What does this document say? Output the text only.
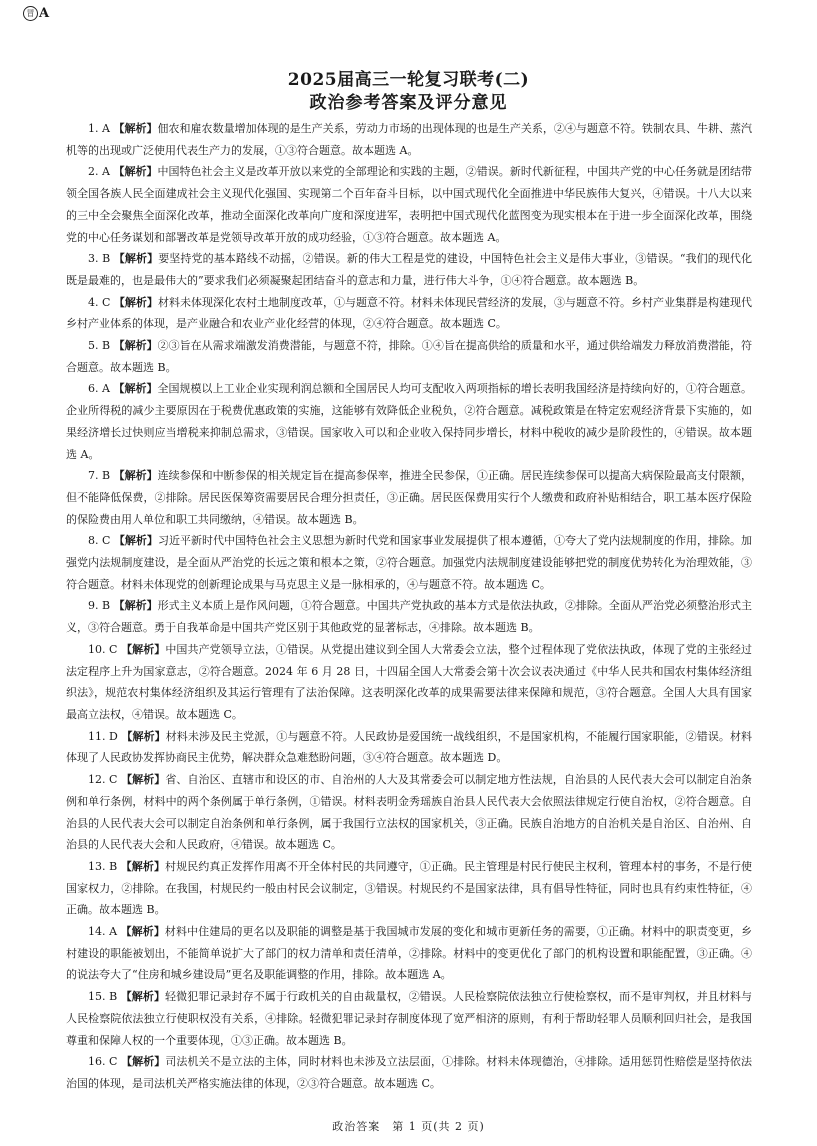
冒 A
2025届高三一轮复习联考(二)
政治参考答案及评分意见

1. A 【解析】佃农和雇农数量增加体现的是生产关系，劳动力市场的出现体现的也是生产关系，②④与题意不符。铁制农具、牛耕、蒸汽机等的出现或广泛使用代表生产力的发展，①③符合题意。故本题选 A。

2. A 【解析】中国特色社会主义是改革开放以来党的全部理论和实践的主题，②错误。新时代新征程，中国共产党的中心任务就是团结带领全国各族人民全面建成社会主义现代化强国、实现第二个百年奋斗目标，以中国式现代化全面推进中华民族伟大复兴，④错误。十八大以来的三中全会聚焦全面深化改革，推动全面深化改革向广度和深度进军，表明把中国式现代化蓝图变为现实根本在于进一步全面深化改革，围绕党的中心任务谋划和部署改革是党领导改革开放的成功经验，①③符合题意。故本题选 A。

3. B 【解析】要坚持党的基本路线不动摇，②错误。新的伟大工程是党的建设，中国特色社会主义是伟大事业，③错误。“我们的现代化既是最难的，也是最伟大的”要求我们必须凝聚起团结奋斗的意志和力量，进行伟大斗争，①④符合题意。故本题选 B。

4. C 【解析】材料未体现深化农村土地制度改革，①与题意不符。材料未体现民营经济的发展，③与题意不符。乡村产业集群是构建现代乡村产业体系的体现，是产业融合和农业产业化经营的体现，②④符合题意。故本题选 C。

5. B 【解析】②③旨在从需求端激发消费潜能，与题意不符，排除。①④旨在提高供给的质量和水平，通过供给端发力释放消费潜能，符合题意。故本题选 B。

6. A 【解析】全国规模以上工业企业实现利润总额和全国居民人均可支配收入两项指标的增长表明我国经济是持续向好的，①符合题意。企业所得税的减少主要原因在于税费优惠政策的实施，这能够有效降低企业税负，②符合题意。减税政策是在特定宏观经济背景下实施的，如果经济增长过快则应当增税来抑制总需求，③错误。国家收入可以和企业收入保持同步增长，材料中税收的减少是阶段性的，④错误。故本题选 A。

7. B 【解析】连续参保和中断参保的相关规定旨在提高参保率，推进全民参保，①正确。居民连续参保可以提高大病保险最高支付限额，但不能降低保费，②排除。居民医保筹资需要居民合理分担责任，③正确。居民医保费用实行个人缴费和政府补贴相结合，职工基本医疗保险的保险费由用人单位和职工共同缴纳，④错误。故本题选 B。

8. C 【解析】习近平新时代中国特色社会主义思想为新时代党和国家事业发展提供了根本遵循，①夸大了党内法规制度的作用，排除。加强党内法规制度建设，是全面从严治党的长远之策和根本之策，②符合题意。加强党内法规制度建设能够把党的制度优势转化为治理效能，③符合题意。材料未体现党的创新理论成果与马克思主义是一脉相承的，④与题意不符。故本题选 C。

9. B 【解析】形式主义本质上是作风问题，①符合题意。中国共产党执政的基本方式是依法执政，②排除。全面从严治党必须整治形式主义，③符合题意。勇于自我革命是中国共产党区别于其他政党的显著标志，④排除。故本题选 B。

10. C 【解析】中国共产党领导立法，①错误。从党提出建议到全国人大常委会立法，整个过程体现了党依法执政，体现了党的主张经过法定程序上升为国家意志，②符合题意。2024 年 6 月 28 日，十四届全国人大常委会第十次会议表决通过《中华人民共和国农村集体经济组织法》，规范农村集体经济组织及其运行管理有了法治保障。这表明深化改革的成果需要法律来保障和规范，③符合题意。全国人大具有国家最高立法权，④错误。故本题选 C。

11. D 【解析】材料未涉及民主党派，①与题意不符。人民政协是爱国统一战线组织，不是国家机构，不能履行国家职能，②错误。材料体现了人民政协发挥协商民主优势，解决群众急难愁盼问题，③④符合题意。故本题选 D。

12. C 【解析】省、自治区、直辖市和设区的市、自治州的人大及其常委会可以制定地方性法规，自治县的人民代表大会可以制定自治条例和单行条例，材料中的两个条例属于单行条例，①错误。材料表明金秀瑶族自治县人民代表大会依照法律规定行使自治权，②符合题意。自治县的人民代表大会可以制定自治条例和单行条例，属于我国行立法权的国家机关，③正确。民族自治地方的自治机关是自治区、自治州、自治县的人民代表大会和人民政府，④错误。故本题选 C。

13. B 【解析】村规民约真正发挥作用离不开全体村民的共同遵守，①正确。民主管理是村民行使民主权利，管理本村的事务，不是行使国家权力，②排除。在我国，村规民约一般由村民会议制定，③错误。村规民约不是国家法律，具有倡导性特征，同时也具有约束性特征，④正确。故本题选 B。

14. A 【解析】材料中住建局的更名以及职能的调整是基于我国城市发展的变化和城市更新任务的需要，①正确。材料中的职责变更，乡村建设的职能被划出，不能简单说扩大了部门的权力清单和责任清单，②排除。材料中的变更优化了部门的机构设置和职能配置，③正确。④的说法夸大了“住房和城乡建设局”更名及职能调整的作用，排除。故本题选 A。

15. B 【解析】轻微犯罪记录封存不属于行政机关的自由裁量权，②错误。人民检察院依法独立行使检察权，而不是审判权，并且材料与人民检察院依法独立行使职权没有关系，④排除。轻微犯罪记录封存制度体现了宽严相济的原则，有利于帮助轻罪人员顺利回归社会，是我国尊重和保障人权的一个重要体现，①③正确。故本题选 B。

16. C 【解析】司法机关不是立法的主体，同时材料也未涉及立法层面，①排除。材料未体现德治，④排除。适用惩罚性赔偿是坚持依法治国的体现，是司法机关严格实施法律的体现，②③符合题意。故本题选 C。

政治答案　第 1 页(共 2 页)
